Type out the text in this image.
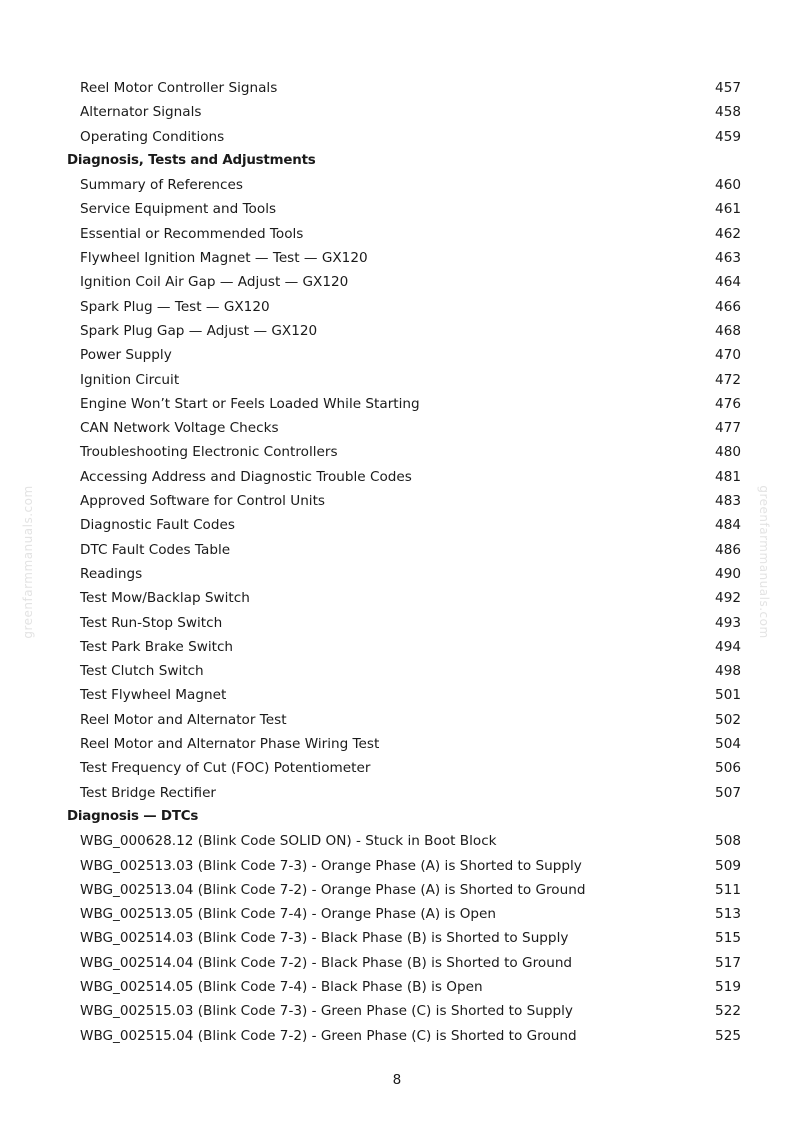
greenfarmmanuals.com	greenfarmmanuals.com
Reel Motor Controller Signals	457
Alternator Signals	458
Operating Conditions	459
Diagnosis, Tests and Adjustments
Summary of References	460
Service Equipment and Tools	461
Essential or Recommended Tools	462
Flywheel Ignition Magnet — Test — GX120	463
Ignition Coil Air Gap — Adjust — GX120	464
Spark Plug — Test — GX120	466
Spark Plug Gap — Adjust — GX120	468
Power Supply	470
Ignition Circuit	472
Engine Won’t Start or Feels Loaded While Starting	476
CAN Network Voltage Checks	477
Troubleshooting Electronic Controllers	480
Accessing Address and Diagnostic Trouble Codes	481
Approved Software for Control Units	483
Diagnostic Fault Codes	484
DTC Fault Codes Table	486
Readings	490
Test Mow/Backlap Switch	492
Test Run-Stop Switch	493
Test Park Brake Switch	494
Test Clutch Switch	498
Test Flywheel Magnet	501
Reel Motor and Alternator Test	502
Reel Motor and Alternator Phase Wiring Test	504
Test Frequency of Cut (FOC) Potentiometer	506
Test Bridge Rectifier	507
Diagnosis — DTCs
WBG_000628.12 (Blink Code SOLID ON) - Stuck in Boot Block	508
WBG_002513.03 (Blink Code 7-3) - Orange Phase (A) is Shorted to Supply	509
WBG_002513.04 (Blink Code 7-2) - Orange Phase (A) is Shorted to Ground	511
WBG_002513.05 (Blink Code 7-4) - Orange Phase (A) is Open	513
WBG_002514.03 (Blink Code 7-3) - Black Phase (B) is Shorted to Supply	515
WBG_002514.04 (Blink Code 7-2) - Black Phase (B) is Shorted to Ground	517
WBG_002514.05 (Blink Code 7-4) - Black Phase (B) is Open	519
WBG_002515.03 (Blink Code 7-3) - Green Phase (C) is Shorted to Supply	522
WBG_002515.04 (Blink Code 7-2) - Green Phase (C) is Shorted to Ground	525
8
